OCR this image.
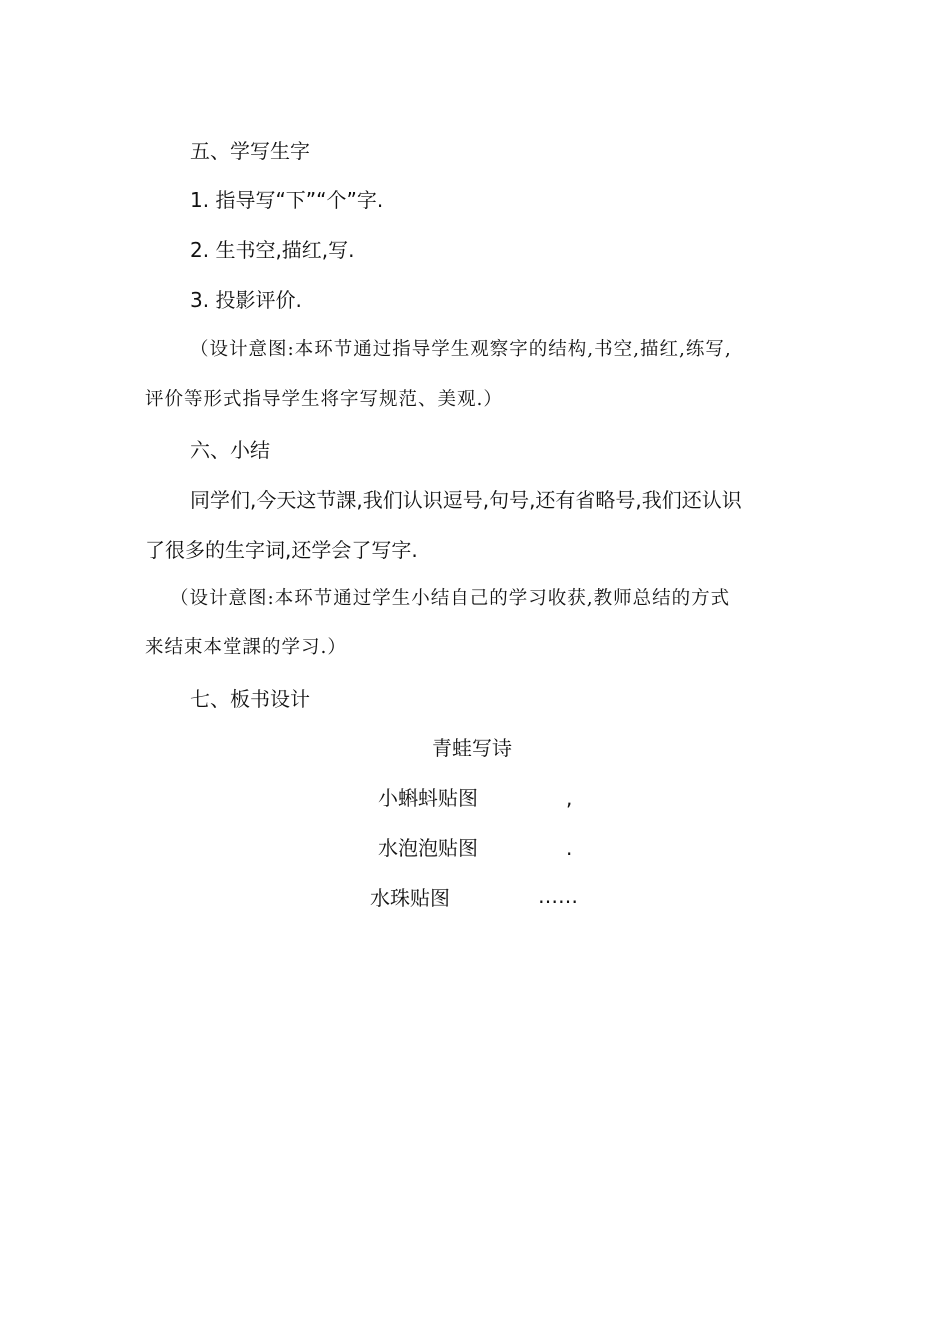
五、学写生字
1. 指导写“下”“个”字.
2. 生书空,描红,写.
3. 投影评价.
（设计意图:本环节通过指导学生观察字的结构,书空,描红,练写,
评价等形式指导学生将字写规范、美观.）
六、小结
同学们,今天这节課,我们认识逗号,句号,还有省略号,我们还认识
了很多的生字词,还学会了写字.
（设计意图:本环节通过学生小结自己的学习收获,教师总结的方式
来结束本堂課的学习.）
七、板书设计
青蛙写诗
小蝌蚪贴图	,
水泡泡贴图	.
水珠贴图	……
